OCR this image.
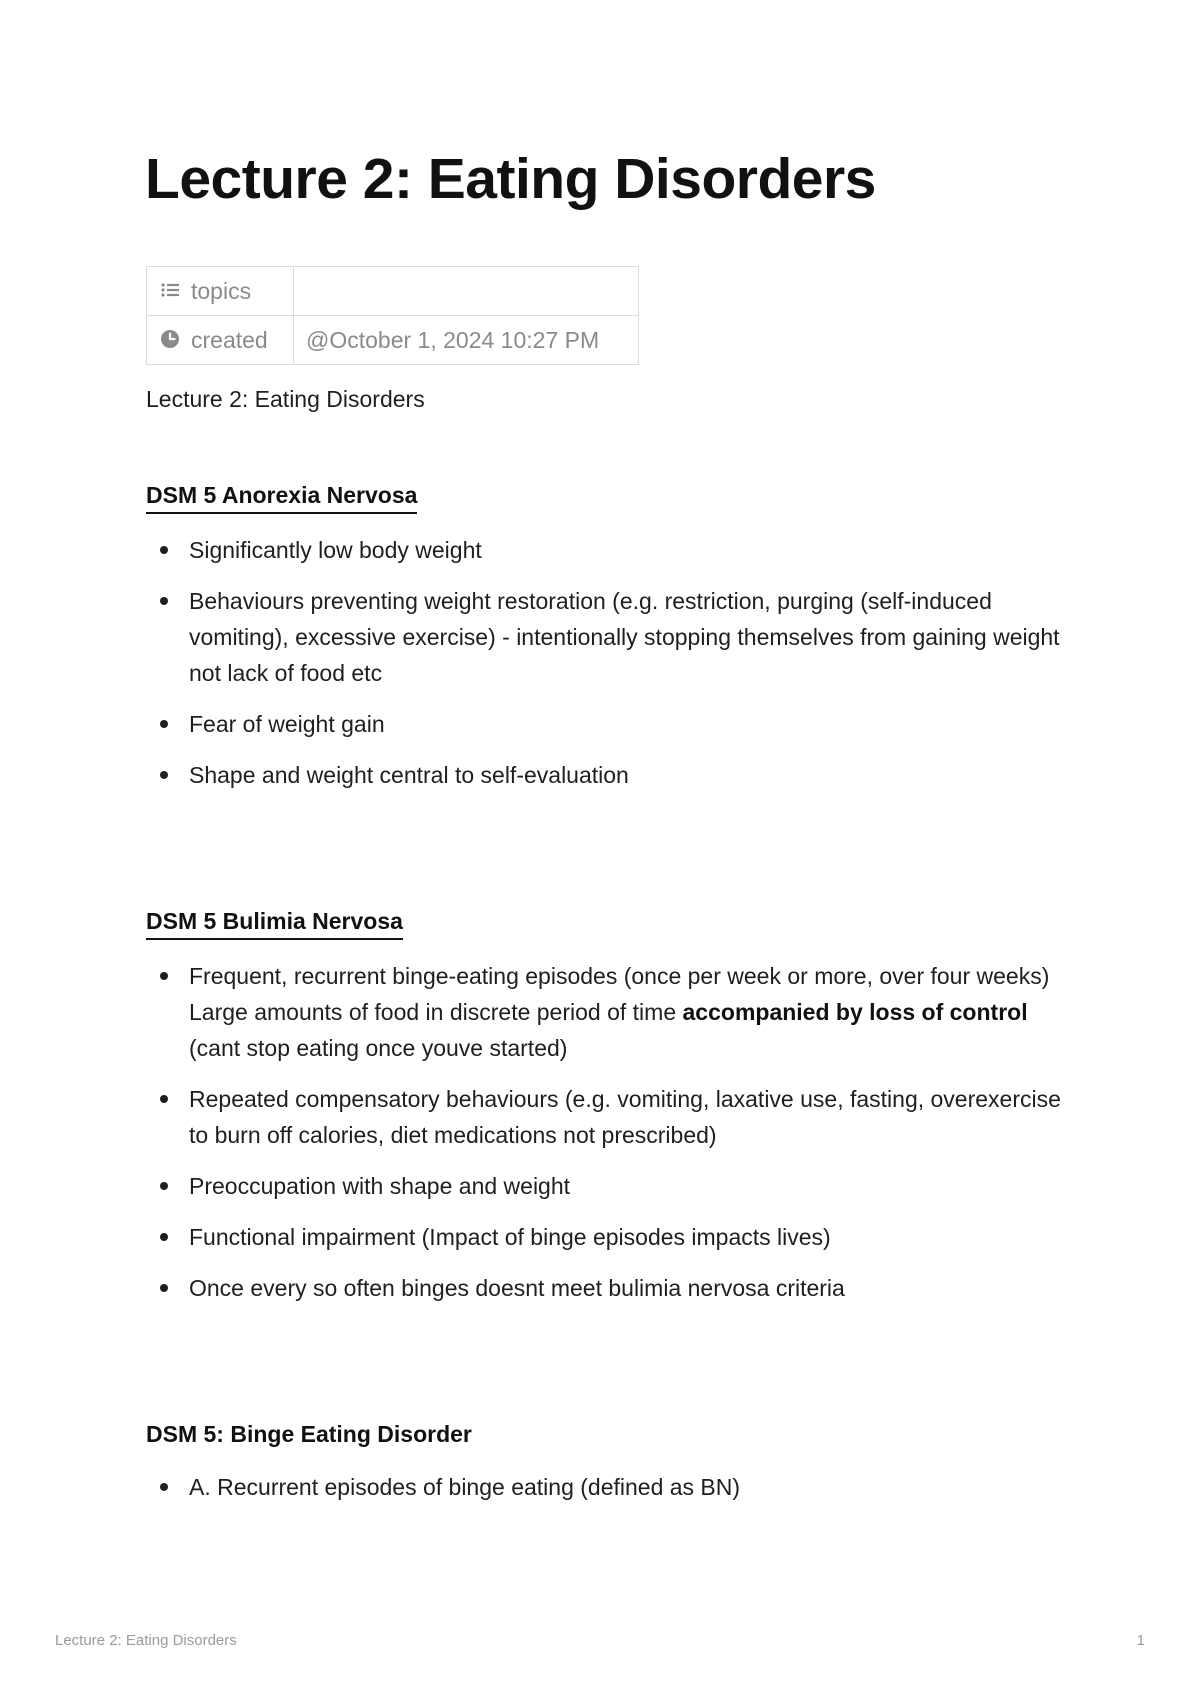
Lecture 2: Eating Disorders
topics	
created	@October 1, 2024 10:27 PM
Lecture 2: Eating Disorders
DSM 5 Anorexia Nervosa
Significantly low body weight
Behaviours preventing weight restoration (e.g. restriction, purging (self-induced vomiting), excessive exercise) - intentionally stopping themselves from gaining weight not lack of food etc
Fear of weight gain
Shape and weight central to self-evaluation
DSM 5 Bulimia Nervosa
Frequent, recurrent binge-eating episodes (once per week or more, over four weeks) Large amounts of food in discrete period of time accompanied by loss of control (cant stop eating once youve started)
Repeated compensatory behaviours (e.g. vomiting, laxative use, fasting, overexercise to burn off calories, diet medications not prescribed)
Preoccupation with shape and weight
Functional impairment (Impact of binge episodes impacts lives)
Once every so often binges doesnt meet bulimia nervosa criteria
DSM 5: Binge Eating Disorder
A. Recurrent episodes of binge eating (defined as BN)
Lecture 2: Eating Disorders	1
